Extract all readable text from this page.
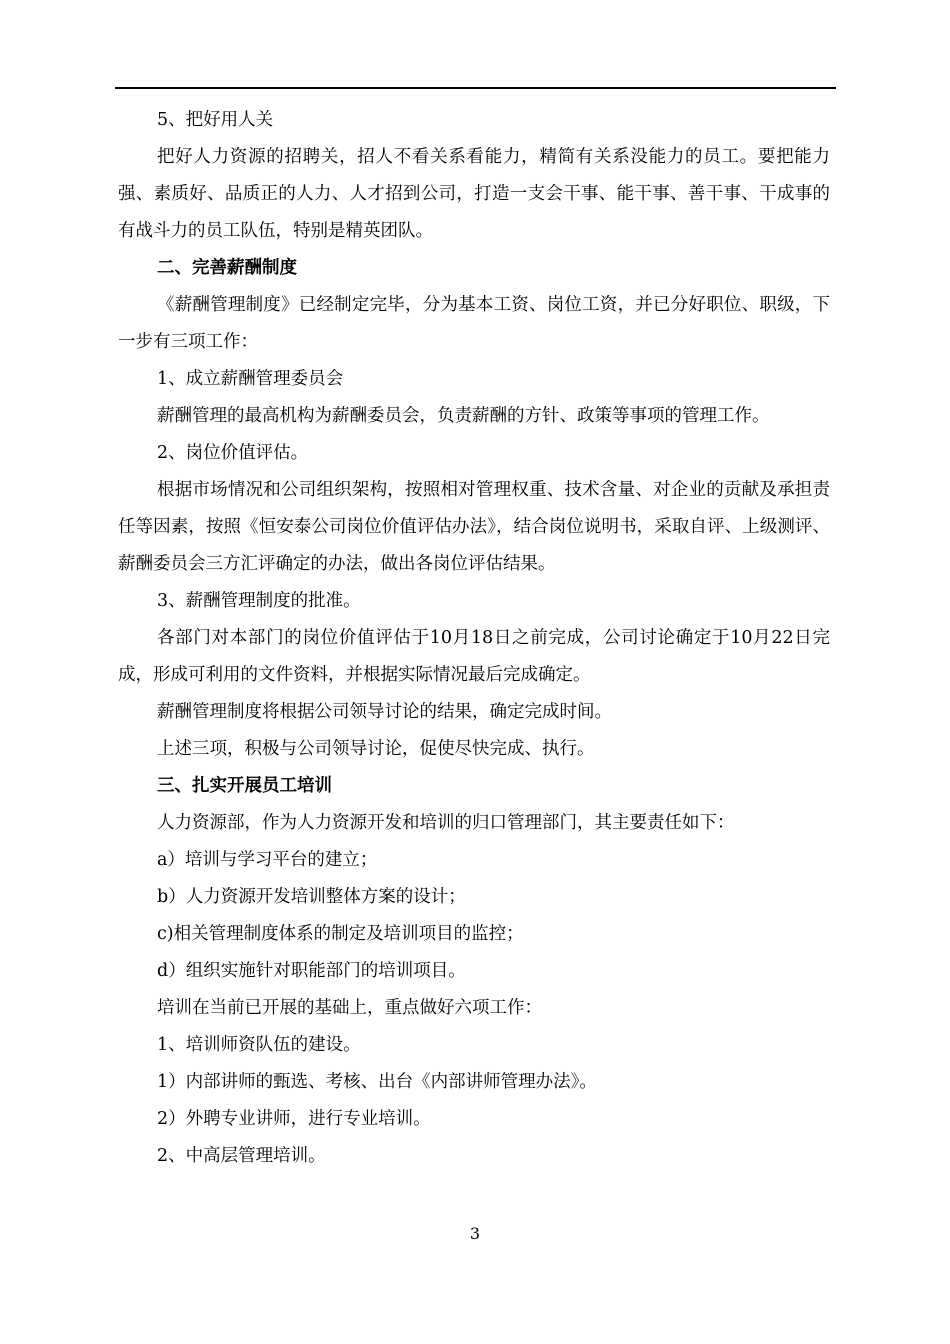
5、把好用人关

把好人力资源的招聘关，招人不看关系看能力，精简有关系没能力的员工。要把能力强、素质好、品质正的人力、人才招到公司，打造一支会干事、能干事、善干事、干成事的有战斗力的员工队伍，特别是精英团队。

二、完善薪酬制度

《薪酬管理制度》已经制定完毕，分为基本工资、岗位工资，并已分好职位、职级，下一步有三项工作：

1、成立薪酬管理委员会

薪酬管理的最高机构为薪酬委员会，负责薪酬的方针、政策等事项的管理工作。

2、岗位价值评估。

根据市场情况和公司组织架构，按照相对管理权重、技术含量、对企业的贡献及承担责任等因素，按照《恒安泰公司岗位价值评估办法》，结合岗位说明书，采取自评、上级测评、薪酬委员会三方汇评确定的办法，做出各岗位评估结果。

3、薪酬管理制度的批准。

各部门对本部门的岗位价值评估于10月18日之前完成，公司讨论确定于10月22日完成，形成可利用的文件资料，并根据实际情况最后完成确定。

薪酬管理制度将根据公司领导讨论的结果，确定完成时间。

上述三项，积极与公司领导讨论，促使尽快完成、执行。

三、扎实开展员工培训

人力资源部，作为人力资源开发和培训的归口管理部门，其主要责任如下：

a）培训与学习平台的建立；

b）人力资源开发培训整体方案的设计；

c)相关管理制度体系的制定及培训项目的监控；

d）组织实施针对职能部门的培训项目。

培训在当前已开展的基础上，重点做好六项工作：

1、培训师资队伍的建设。

1）内部讲师的甄选、考核、出台《内部讲师管理办法》。

2）外聘专业讲师，进行专业培训。

2、中高层管理培训。

3
